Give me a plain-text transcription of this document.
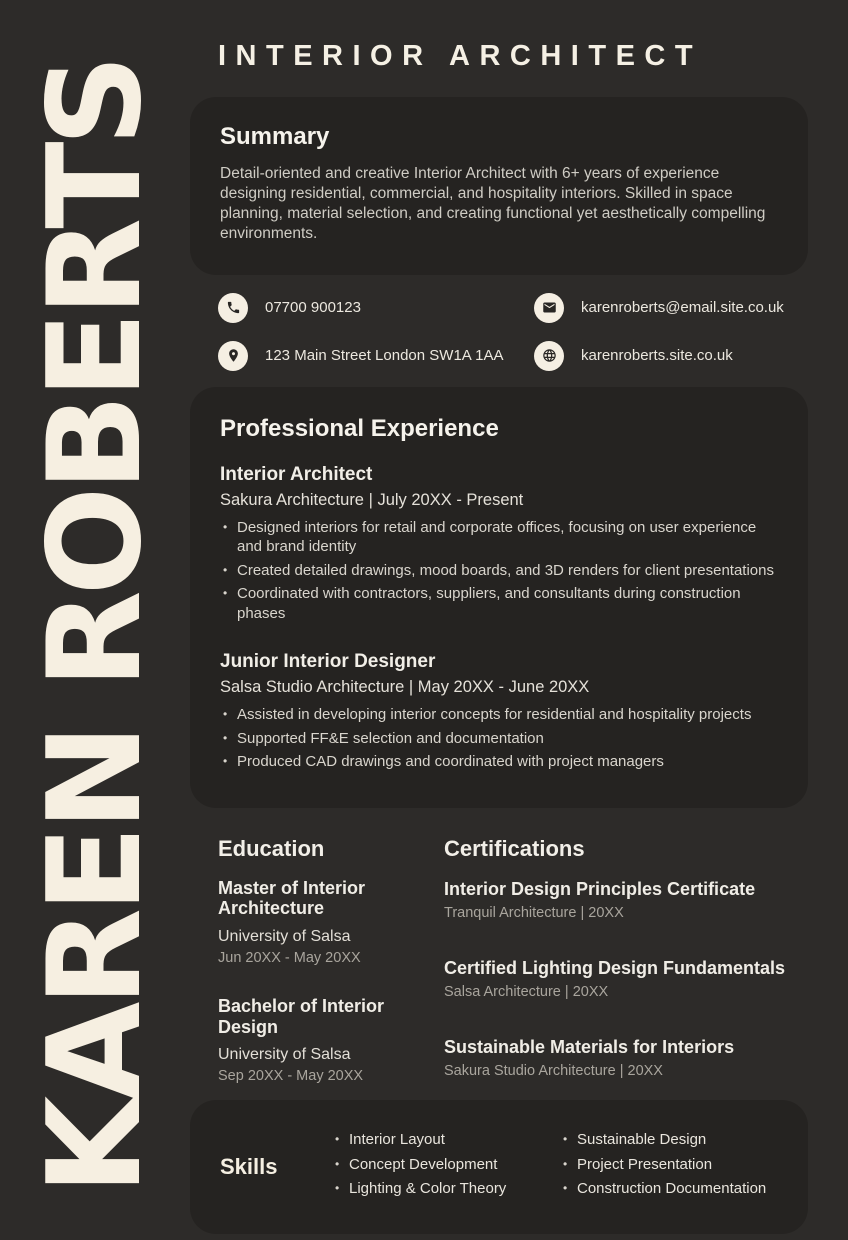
KAREN ROBERTS
INTERIOR ARCHITECT
Summary

Detail-oriented and creative Interior Architect with 6+ years of experience designing residential, commercial, and hospitality interiors. Skilled in space planning, material selection, and creating functional yet aesthetically compelling environments.

07700 900123	karenroberts@email.site.co.uk
123 Main Street London SW1A 1AA	karenroberts.site.co.uk
Professional Experience
Interior Architect
Sakura Architecture | July 20XX - Present
• Designed interiors for retail and corporate offices, focusing on user experience and brand identity
• Created detailed drawings, mood boards, and 3D renders for client presentations
• Coordinated with contractors, suppliers, and consultants during construction phases
Junior Interior Designer
Salsa Studio Architecture | May 20XX - June 20XX
• Assisted in developing interior concepts for residential and hospitality projects
• Supported FF&E selection and documentation
• Produced CAD drawings and coordinated with project managers
Education
Master of Interior Architecture
University of Salsa
Jun 20XX - May 20XX
Bachelor of Interior Design
University of Salsa
Sep 20XX - May 20XX
Certifications
Interior Design Principles Certificate
Tranquil Architecture | 20XX
Certified Lighting Design Fundamentals
Salsa Architecture | 20XX
Sustainable Materials for Interiors
Sakura Studio Architecture | 20XX
Skills
• Interior Layout
• Concept Development
• Lighting & Color Theory
• Sustainable Design
• Project Presentation
• Construction Documentation
